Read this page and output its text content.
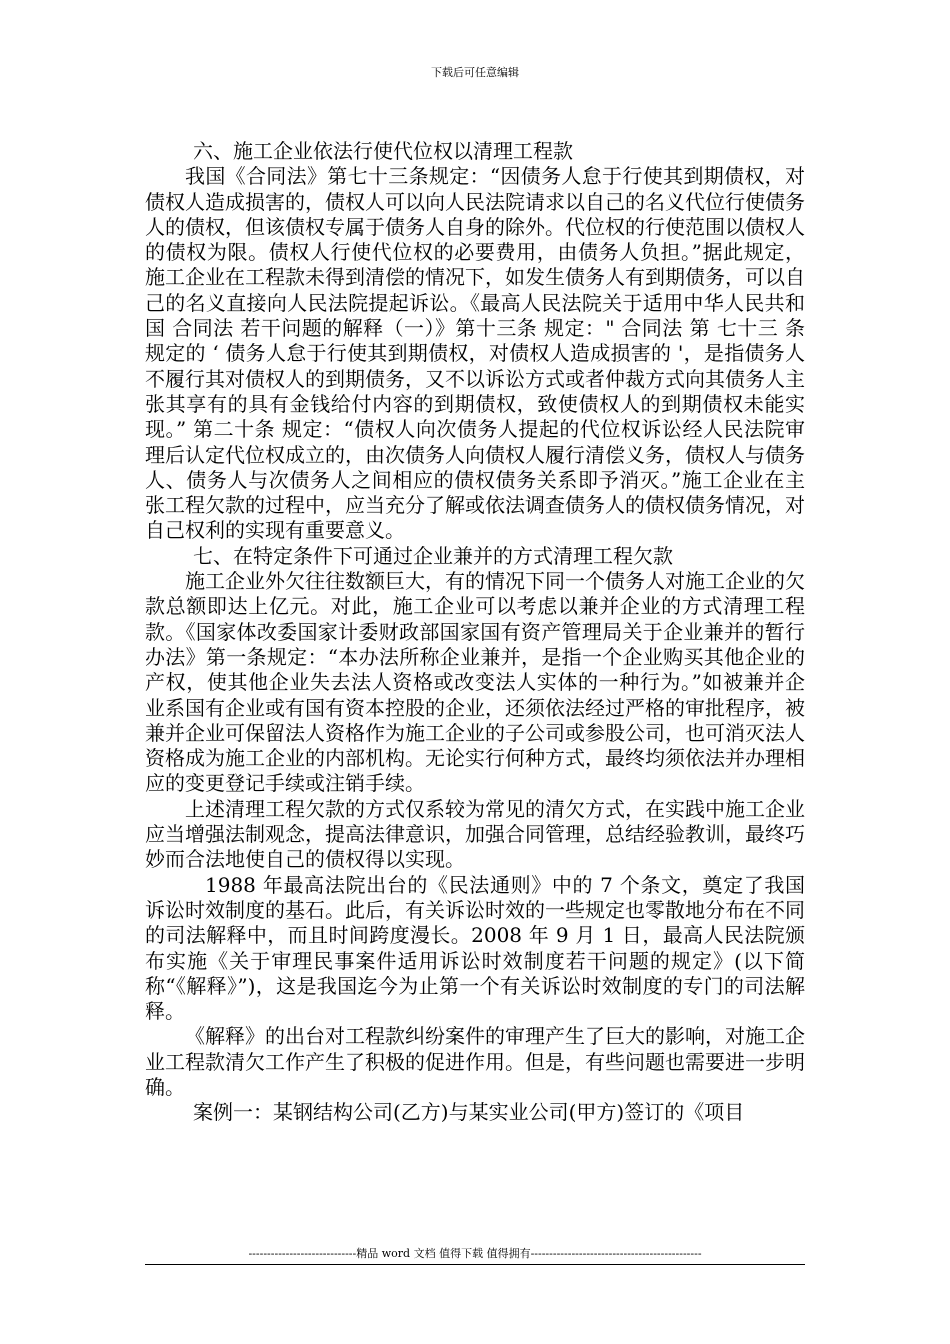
下载后可任意编辑

六、施工企业依法行使代位权以清理工程款

我国《合同法》第七十三条规定：“因债务人怠于行使其到期债权，对债权人造成损害的，债权人可以向人民法院请求以自己的名义代位行使债务人的债权，但该债权专属于债务人自身的除外。代位权的行使范围以债权人的债权为限。债权人行使代位权的必要费用，由债务人负担。”据此规定，施工企业在工程款未得到清偿的情况下，如发生债务人有到期债务，可以自己的名义直接向人民法院提起诉讼。《最高人民法院关于适用中华人民共和国 合同法 若干问题的解释（一）》第十三条 规定：" 合同法 第 七十三 条规定的 ‘ 债务人怠于行使其到期债权，对债权人造成损害的 '，是指债务人不履行其对债权人的到期债务，又不以诉讼方式或者仲裁方式向其债务人主张其享有的具有金钱给付内容的到期债权，致使债权人的到期债权未能实现。” 第二十条 规定：“债权人向次债务人提起的代位权诉讼经人民法院审理后认定代位权成立的，由次债务人向债权人履行清偿义务，债权人与债务人、债务人与次债务人之间相应的债权债务关系即予消灭。”施工企业在主张工程欠款的过程中，应当充分了解或依法调查债务人的债权债务情况，对自己权利的实现有重要意义。

七、在特定条件下可通过企业兼并的方式清理工程欠款

施工企业外欠往往数额巨大，有的情况下同一个债务人对施工企业的欠款总额即达上亿元。对此，施工企业可以考虑以兼并企业的方式清理工程款。《国家体改委国家计委财政部国家国有资产管理局关于企业兼并的暂行办法》第一条规定：“本办法所称企业兼并，是指一个企业购买其他企业的产权，使其他企业失去法人资格或改变法人实体的一种行为。”如被兼并企业系国有企业或有国有资本控股的企业，还须依法经过严格的审批程序，被兼并企业可保留法人资格作为施工企业的子公司或参股公司，也可消灭法人资格成为施工企业的内部机构。无论实行何种方式，最终均须依法并办理相应的变更登记手续或注销手续。

上述清理工程欠款的方式仅系较为常见的清欠方式，在实践中施工企业应当增强法制观念，提高法律意识，加强合同管理，总结经验教训，最终巧妙而合法地使自己的债权得以实现。

1988 年最高法院出台的《民法通则》中的 7 个条文，奠定了我国诉讼时效制度的基石。此后，有关诉讼时效的一些规定也零散地分布在不同的司法解释中，而且时间跨度漫长。2008 年 9 月 1 日，最高人民法院颁布实施《关于审理民事案件适用诉讼时效制度若干问题的规定》(以下简称“《解释》”)，这是我国迄今为止第一个有关诉讼时效制度的专门的司法解释。

《解释》的出台对工程款纠纷案件的审理产生了巨大的影响，对施工企业工程款清欠工作产生了积极的促进作用。但是，有些问题也需要进一步明确。

案例一：某钢结构公司(乙方)与某实业公司(甲方)签订的《项目

-----------------------------精品 word 文档 值得下载 值得拥有----------------------------------------------
